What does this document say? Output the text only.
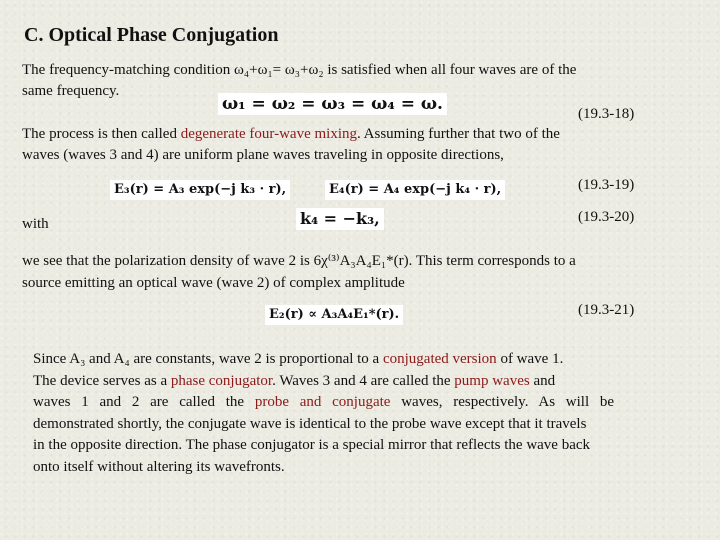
C. Optical Phase Conjugation
The frequency-matching condition ω₄+ω₁= ω₃+ω₂ is satisfied when all four waves are of the
same frequency.
ω₁ = ω₂ = ω₃ = ω₄ = ω.	(19.3-18)
The process is then called degenerate four-wave mixing. Assuming further that two of the
waves (waves 3 and 4) are uniform plane waves traveling in opposite directions,
(19.3-19)
E₃(r) = A₃ exp(−j k₃ · r),	E₄(r) = A₄ exp(−j k₄ · r),
with	k₄ = −k₃,	(19.3-20)
we see that the polarization density of wave 2 is 6χ⁽³⁾A₃A₄E₁*(r). This term corresponds to a
source emitting an optical wave (wave 2) of complex amplitude
(19.3-21)
E₂(r) ∝ A₃A₄E₁*(r).
Since A₃ and A₄ are constants, wave 2 is proportional to a conjugated version of wave 1.
The device serves as a phase conjugator. Waves 3 and 4 are called the pump waves and
waves 1 and 2 are called the probe and conjugate waves, respectively. As will be
demonstrated shortly, the conjugate wave is identical to the probe wave except that it travels
in the opposite direction. The phase conjugator is a special mirror that reflects the wave back
onto itself without altering its wavefronts.
